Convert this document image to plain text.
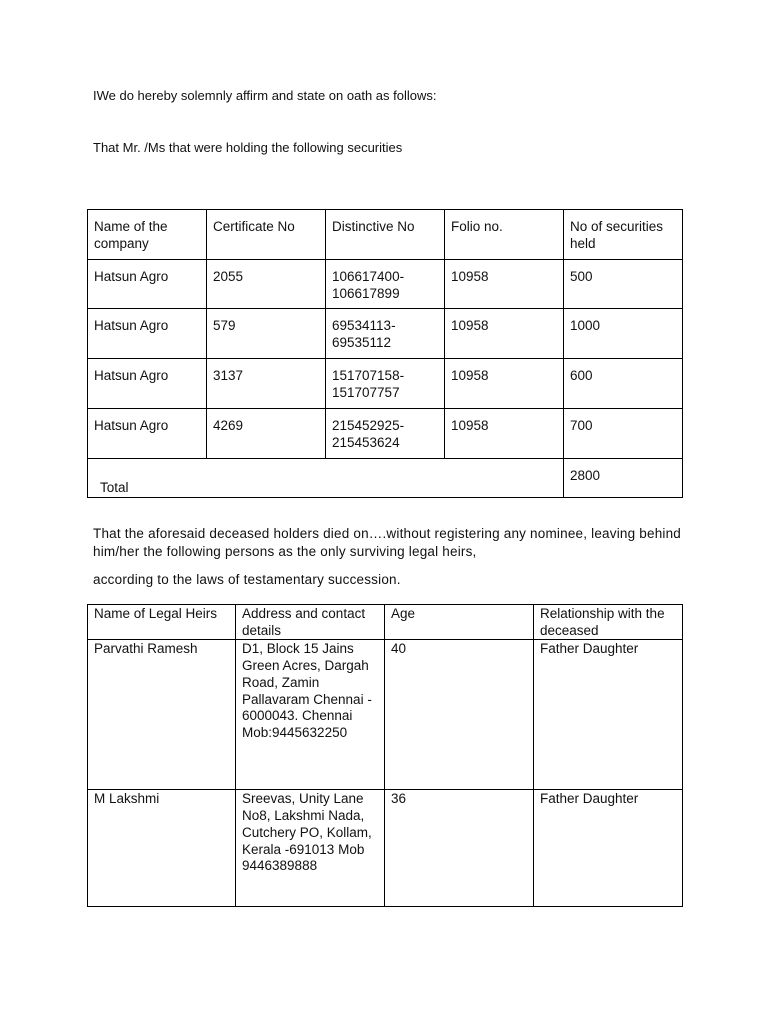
IWe do hereby solemnly affirm and state on oath as follows:
That Mr. /Ms that were holding the following securities
Name of the company	Certificate No	Distinctive No	Folio no.	No of securities held
Hatsun Agro	2055	106617400-106617899	10958	500
Hatsun Agro	579	69534113-69535112	10958	1000
Hatsun Agro	3137	151707158-151707757	10958	600
Hatsun Agro	4269	215452925-215453624	10958	700
Total				2800
That the aforesaid deceased holders died on….without registering any nominee, leaving behind him/her the following persons as the only surviving legal heirs,
according to the laws of testamentary succession.
Name of Legal Heirs	Address and contact details	Age	Relationship with the deceased
Parvathi Ramesh	D1, Block 15 Jains Green Acres, Dargah Road, Zamin Pallavaram Chennai - 6000043. Chennai Mob:9445632250	40	Father Daughter
M Lakshmi	Sreevas, Unity Lane No8, Lakshmi Nada, Cutchery PO, Kollam, Kerala -691013 Mob 9446389888	36	Father Daughter
